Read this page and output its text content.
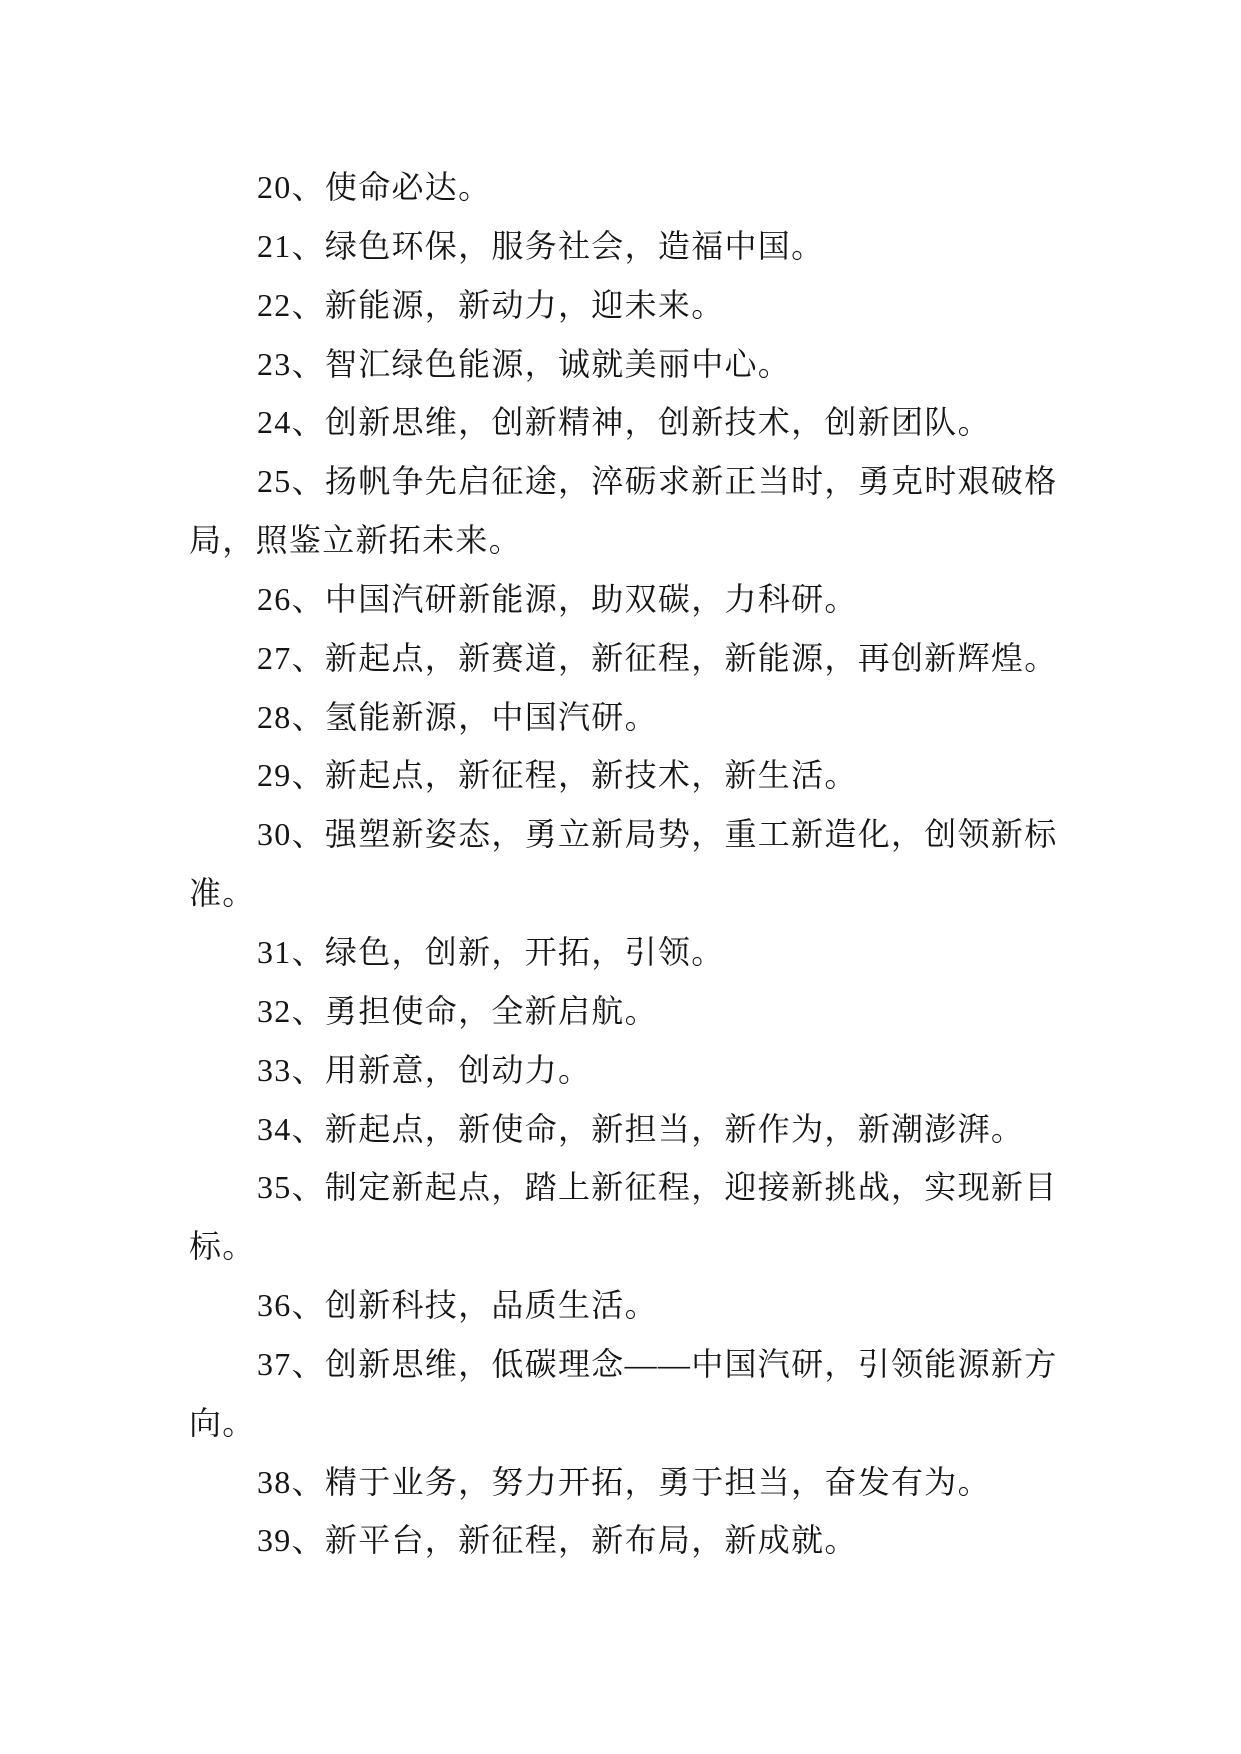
20、使命必达。
21、绿色环保，服务社会，造福中国。
22、新能源，新动力，迎未来。
23、智汇绿色能源，诚就美丽中心。
24、创新思维，创新精神，创新技术，创新团队。
25、扬帆争先启征途，淬砺求新正当时，勇克时艰破格
局，照鉴立新拓未来。
26、中国汽研新能源，助双碳，力科研。
27、新起点，新赛道，新征程，新能源，再创新辉煌。
28、氢能新源，中国汽研。
29、新起点，新征程，新技术，新生活。
30、强塑新姿态，勇立新局势，重工新造化，创领新标
准。
31、绿色，创新，开拓，引领。
32、勇担使命，全新启航。
33、用新意，创动力。
34、新起点，新使命，新担当，新作为，新潮澎湃。
35、制定新起点，踏上新征程，迎接新挑战，实现新目
标。
36、创新科技，品质生活。
37、创新思维，低碳理念——中国汽研，引领能源新方
向。
38、精于业务，努力开拓，勇于担当，奋发有为。
39、新平台，新征程，新布局，新成就。
